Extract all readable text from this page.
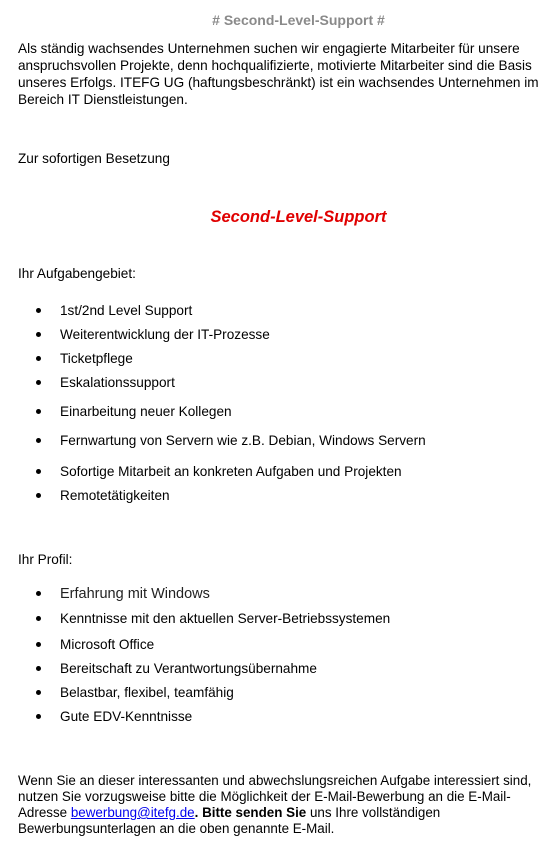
# Second-Level-Support #

Als ständig wachsendes Unternehmen suchen wir engagierte Mitarbeiter für unsere anspruchsvollen Projekte, denn hochqualifizierte, motivierte Mitarbeiter sind die Basis unseres Erfolgs. ITEFG UG (haftungsbeschränkt) ist ein wachsendes Unternehmen im Bereich IT Dienstleistungen.

Zur sofortigen Besetzung

Second-Level-Support

Ihr Aufgabengebiet:

1st/2nd Level Support
Weiterentwicklung der IT-Prozesse
Ticketpflege
Eskalationssupport
Einarbeitung neuer Kollegen
Fernwartung von Servern wie z.B. Debian, Windows Servern
Sofortige Mitarbeit an konkreten Aufgaben und Projekten
Remotetätigkeiten

Ihr Profil:

Erfahrung mit Windows
Kenntnisse mit den aktuellen Server-Betriebssystemen
Microsoft Office
Bereitschaft zu Verantwortungsübernahme
Belastbar, flexibel, teamfähig
Gute EDV-Kenntnisse

Wenn Sie an dieser interessanten und abwechslungsreichen Aufgabe interessiert sind, nutzen Sie vorzugsweise bitte die Möglichkeit der E-Mail-Bewerbung an die E-Mail-Adresse bewerbung@itefg.de. Bitte senden Sie uns Ihre vollständigen Bewerbungsunterlagen an die oben genannte E-Mail.
